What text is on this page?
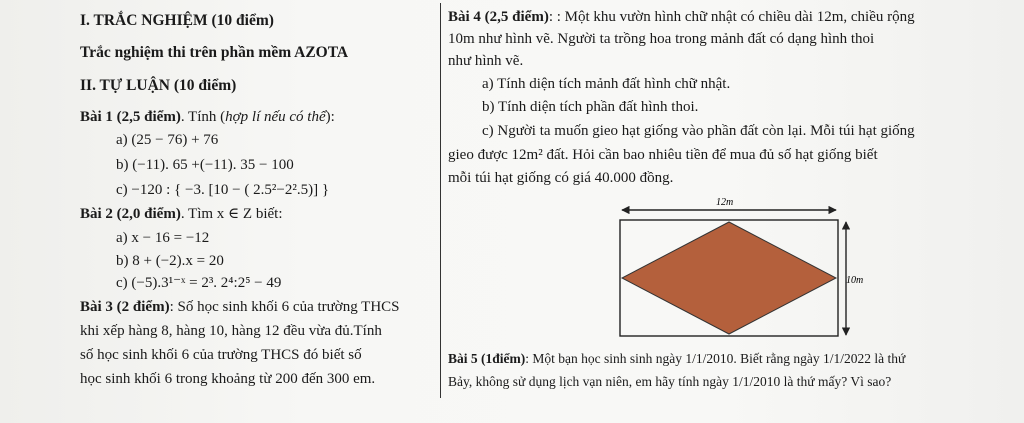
I. TRẮC NGHIỆM (10 điểm)
Trắc nghiệm thi trên phần mềm AZOTA
II. TỰ LUẬN (10 điểm)
Bài 1 (2,5 điểm). Tính (hợp lí nếu có thể):
a) (25 − 76) + 76
b) (−11). 65 +(−11). 35 − 100
c) −120 : { −3. [10 − ( 2.5²−2².5)] }
Bài 2 (2,0 điểm). Tìm x ∈ Z biết:
a) x − 16 = −12
b) 8 + (−2).x = 20
c) (−5).3¹⁻ˣ = 2³. 2⁴:2⁵ − 49
Bài 3 (2 điểm): Số học sinh khối 6 của trường THCS
khi xếp hàng 8, hàng 10, hàng 12 đều vừa đủ.Tính
số học sinh khối 6 của trường THCS đó biết số
học sinh khối 6 trong khoảng từ 200 đến 300 em.
Bài 4 (2,5 điểm): : Một khu vườn hình chữ nhật có chiều dài 12m, chiều rộng
10m như hình vẽ. Người ta trồng hoa trong mảnh đất có dạng hình thoi
như hình vẽ.
a) Tính diện tích mảnh đất hình chữ nhật.
b) Tính diện tích phần đất hình thoi.
c) Người ta muốn gieo hạt giống vào phần đất còn lại. Mỗi túi hạt giống
gieo được 12m² đất. Hỏi cần bao nhiêu tiền để mua đủ số hạt giống biết
mỗi túi hạt giống có giá 40.000 đồng.
12m
10m
Bài 5 (1điểm): Một bạn học sinh sinh ngày 1/1/2010. Biết rằng ngày 1/1/2022 là thứ
Bảy, không sử dụng lịch vạn niên, em hãy tính ngày 1/1/2010 là thứ mấy? Vì sao?
